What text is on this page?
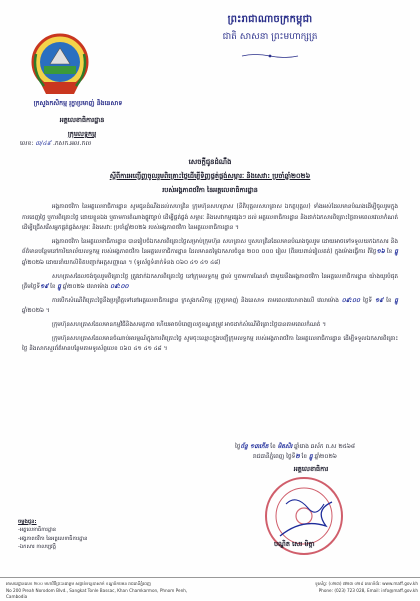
ព្រះរាជាណាចក្រកម្ពុជា
ជាតិ សាសនា ព្រះមហាក្សត្រ
ក្រសួងកសិកម្ម រុក្ខាប្រមាញ់ និងនេសាទ
អគ្គលេខាធិការដ្ឋាន
ក្រុមលទ្ធកម្ម
លេខ: ៣/៤៩ .កសក.អល.កល
សេចក្ដីជូនដំណឹង
ស្ដីពីការអញ្ជើញចូលរួមពិគ្រោះថ្លៃដើម្បីទិញផ្គត់ផ្គង់សម្ភារៈ និងសេវា: ប្រចាំឆ្នាំ២០២៦
របស់អង្គភាពថវិកា នៃអគ្គលេខាធិការដ្ឋាន

អង្គភាពថវិកា នៃអគ្គលេខាធិការដ្ឋាន សូមជូនដំណឹងដល់សហគ្រិន ក្រុមហ៊ុនសហគ្រាស (នីតិបុគ្គលសហគ្រាស ឯកត្តបុគ្គល) ទាំងអស់ដែលមានបំណងដើម្បីចូលរួមក្នុងការដេញថ្លៃ ឬការពិគ្រោះថ្លៃ ដោយខ្លួនឯង ឬតាមការតំណាងផ្លូវច្បាប់ ដើម្បីផ្គត់ផ្គង់ សម្ភារៈ និងសេវាកម្មផ្សេងៗ ដល់ អគ្គលេខាធិការដ្ឋាន និងដាក់ឯកសារពិគ្រោះថ្លៃតាមពេលវេលាកំណត់ ដើម្បីជ្រើសរើសអ្នកផ្គត់ផ្គង់សម្ភារៈ និងសេវា: ប្រចាំឆ្នាំ២០២៦ របស់អង្គភាពថវិកា នៃអគ្គលេខាធិការដ្ឋាន ។

អង្គភាពថវិកា នៃអគ្គលេខាធិការដ្ឋាន បានរៀបចំឯកសារពិគ្រោះថ្លៃសម្រាប់ក្រុមហ៊ុន សហគ្រាស ឬសហគ្រិនដែលមានបំណងចូលរួម ដោយអាចទៅទទួលយកឯកសារ និងព័ត៌មានបន្ថែមនៅការិយាល័យលទ្ធកម្ម របស់អង្គភាពថវិកា នៃអគ្គលេខាធិការដ្ឋាន ដែលមានតម្លៃឯកសារចំនួន ២០០ ០០០ រៀល (ពីររយពាន់រៀលគត់) ក្នុងម៉ោងធ្វើការ ពីថ្ងៃ១៦ ខែ ធ្នូ ឆ្នាំ២០២៦ ដោយនាំយកលិខិតបញ្ជាក់អត្តសញ្ញាណ ។ (ទូរស័ព្ទទំនាក់ទំនង ០៦០ ៤១ ៤១ ៤៨)

សហគ្រាសដែលចង់ចូលរួមពិគ្រោះថ្លៃ ត្រូវដាក់ឯកសារពិគ្រោះថ្លៃ នៅក្រុមលទ្ធកម្ម ផ្ទាល់ ឬតាមការណែនាំ ជាមួយនឹងអង្គភាពថវិកា នៃអគ្គលេខាធិការដ្ឋាន យ៉ាងយូរបំផុតត្រឹមថ្ងៃទី១៩ ខែ ធ្នូ ឆ្នាំ២០២៦ វេលាម៉ោង ០៩:០០

ការបើកសំណើពិគ្រោះថ្លៃនឹងប្រព្រឹត្តទៅនៅអគ្គលេខាធិការដ្ឋាន ក្រសួងកសិកម្ម រុក្ខាប្រមាញ់ និងនេសាទ តាមពេលវេលាខាងលើ វេលាម៉ោង ០៩:០០ ថ្ងៃទី ១៩ ខែ ធ្នូ ឆ្នាំ២០២៦ ។

ក្រុមហ៊ុនសហគ្រាសដែលមានកម្មវិធីនិងសមត្ថភាព ហើយអាចបំពេញលក្ខខណ្ឌតម្រូវ អាចដាក់សំណើពិគ្រោះថ្លៃបានតាមពេលកំណត់ ។

ក្រុមហ៊ុនសហគ្រាសដែលមានចំណាប់អារម្មណ៍ក្នុងការពិគ្រោះថ្លៃ សូមចុះឈ្មោះក្នុងបញ្ជីក្រុមលទ្ធកម្ម របស់អង្គភាពថវិកា នៃអគ្គលេខាធិការដ្ឋាន ដើម្បីទទួលឯកសារពិគ្រោះថ្លៃ និងសាកសួរព័ត៌មានបន្ថែមតាមទូរស័ព្ទលេខ ០៦០ ៤១ ៤១ ៤៨ ។

ថ្ងៃច័ន្ទ ១៣កើត ខែ មិគសិរ ឆ្នាំរោង ឆស័ក ព.ស ២៥៦៨
រាជធានីភ្នំពេញ ថ្ងៃទី២ ខែ ធ្នូ ឆ្នាំ២០២៦
អគ្គលេខាធិការ
បណ្ឌិត សេរ មិត្តា
ចម្លងជូន:
-អគ្គលេខាធិការដ្ឋាន
-អង្គភាពថវិកា នៃអគ្គលេខាធិការដ្ឋាន
-ឯកសារ កាលប្បវត្តិ
អាសយដ្ឋានលេខ ២០០ មហាវិថីព្រះនរោត្តម សង្កាត់ទន្លេបាសាក់ ខណ្ឌចំការមន រាជធានីភ្នំពេញ
No 200 Preah Norodom Blvd., Sangkat Tonle Bassac, Khan Chamkarmon, Phnom Penh, Cambodia
ទូរស័ព្ទ: (០២៣) ៧២៣ ០២៨ គេហទំព័រ: www.maff.gov.kh
Phone: (023) 723 028, Email: info@maff.gov.kh
